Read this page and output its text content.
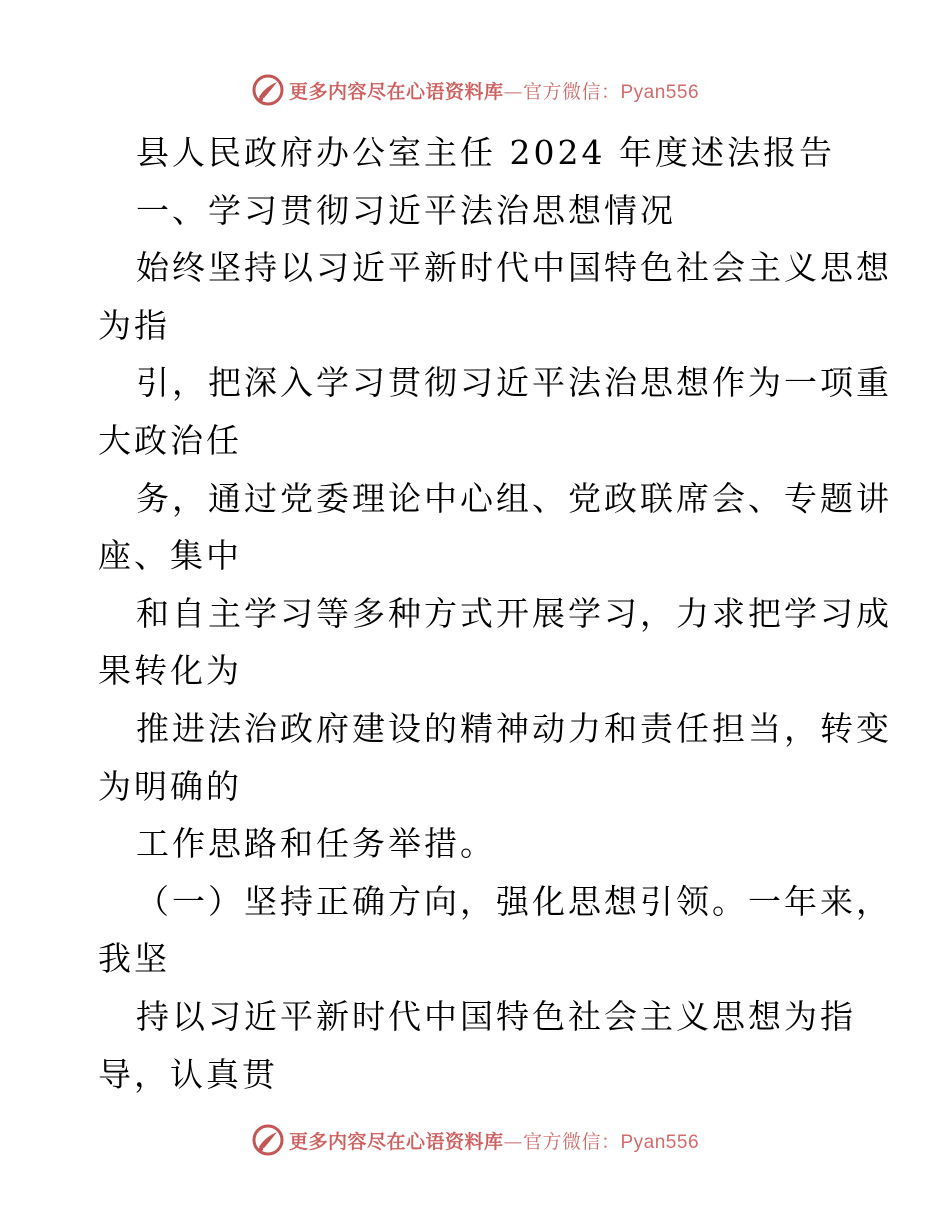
更多内容尽在心语资料库—官方微信：Pyan556
县人民政府办公室主任 2024 年度述法报告
一、学习贯彻习近平法治思想情况
始终坚持以习近平新时代中国特色社会主义思想
为指
引，把深入学习贯彻习近平法治思想作为一项重
大政治任
务，通过党委理论中心组、党政联席会、专题讲
座、集中
和自主学习等多种方式开展学习，力求把学习成
果转化为
推进法治政府建设的精神动力和责任担当，转变
为明确的
工作思路和任务举措。
（一）坚持正确方向，强化思想引领。一年来，
我坚
持以习近平新时代中国特色社会主义思想为指
导，认真贯
更多内容尽在心语资料库—官方微信：Pyan556
